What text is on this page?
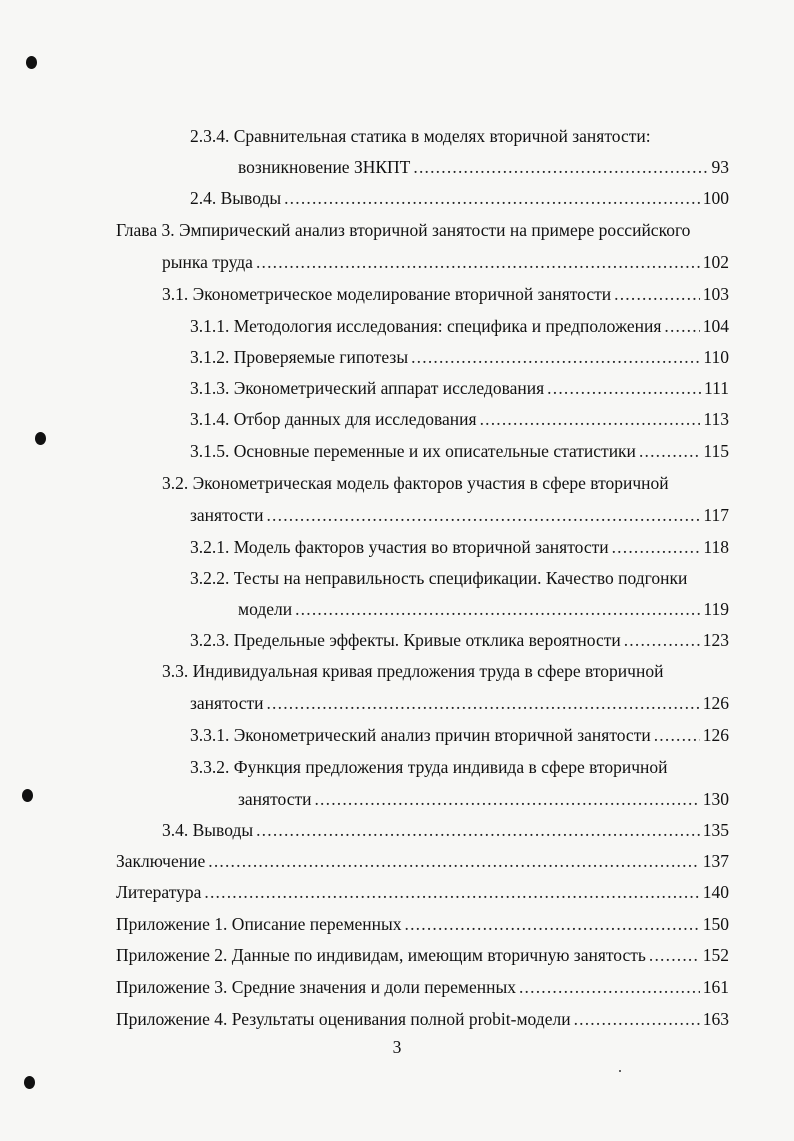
2.3.4. Сравнительная статика в моделях вторичной занятости:
возникновение ЗНКПТ .....	93
2.4. Выводы .....	100
Глава 3. Эмпирический анализ вторичной занятости на примере российского
рынка труда .....	102
3.1. Эконометрическое моделирование вторичной занятости .....	103
3.1.1. Методология исследования: специфика и предположения ..... 104
3.1.2. Проверяемые гипотезы .....	110
3.1.3. Эконометрический аппарат исследования .....	111
3.1.4. Отбор данных для исследования .....	113
3.1.5. Основные переменные и их описательные статистики .....	115
3.2. Эконометрическая модель факторов участия в сфере вторичной
занятости .....	117
3.2.1. Модель факторов участия во вторичной занятости .....	118
3.2.2. Тесты на неправильность спецификации. Качество подгонки
модели .....	119
3.2.3. Предельные эффекты. Кривые отклика вероятности .....	123
3.3. Индивидуальная кривая предложения труда в сфере вторичной
занятости .....	126
3.3.1. Эконометрический анализ причин вторичной занятости .....	126
3.3.2. Функция предложения труда индивида в сфере вторичной
занятости .....	130
3.4. Выводы .....	135
Заключение .....	137
Литература .....	140
Приложение 1. Описание переменных .....	150
Приложение 2. Данные по индивидам, имеющим вторичную занятость .....	152
Приложение 3. Средние значения и доли переменных .....	161
Приложение 4. Результаты оценивания полной probit-модели .....	163
3
